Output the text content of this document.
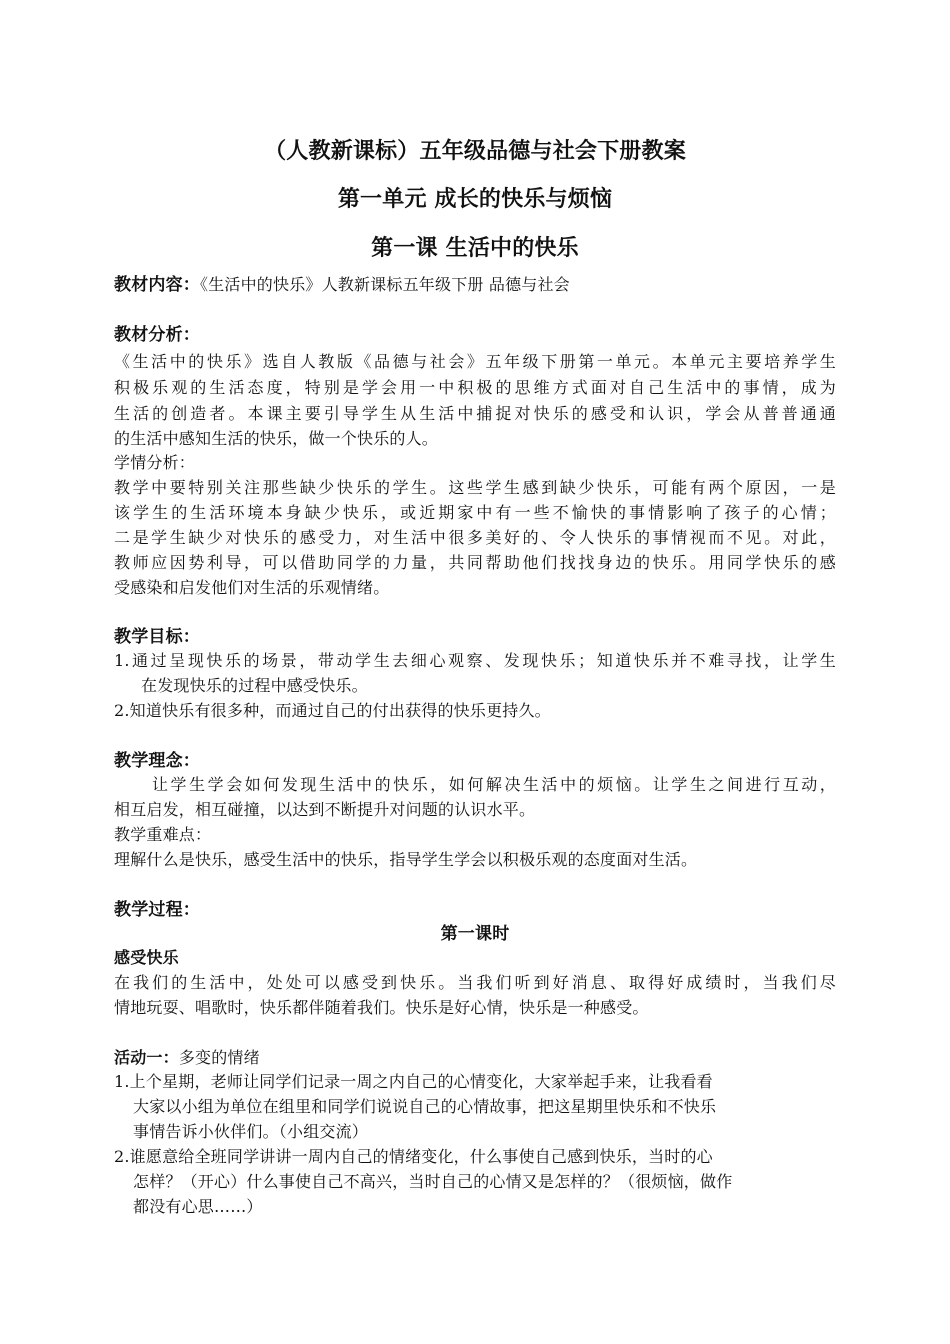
（人教新课标）五年级品德与社会下册教案
第一单元 成长的快乐与烦恼
第一课 生活中的快乐
教材内容：《生活中的快乐》人教新课标五年级下册 品德与社会
教材分析：
《生活中的快乐》选自人教版《品德与社会》五年级下册第一单元。本单元主要培养学生
积极乐观的生活态度，特别是学会用一中积极的思维方式面对自己生活中的事情，成为
生活的创造者。本课主要引导学生从生活中捕捉对快乐的感受和认识，学会从普普通通
的生活中感知生活的快乐，做一个快乐的人。
学情分析：
教学中要特别关注那些缺少快乐的学生。这些学生感到缺少快乐，可能有两个原因，一是
该学生的生活环境本身缺少快乐，或近期家中有一些不愉快的事情影响了孩子的心情；
二是学生缺少对快乐的感受力，对生活中很多美好的、令人快乐的事情视而不见。对此，
教师应因势利导，可以借助同学的力量，共同帮助他们找找身边的快乐。用同学快乐的感
受感染和启发他们对生活的乐观情绪。
教学目标：
1.通过呈现快乐的场景，带动学生去细心观察、发现快乐；知道快乐并不难寻找，让学生
在发现快乐的过程中感受快乐。
2.知道快乐有很多种，而通过自己的付出获得的快乐更持久。
教学理念：
让学生学会如何发现生活中的快乐，如何解决生活中的烦恼。让学生之间进行互动，
相互启发，相互碰撞，以达到不断提升对问题的认识水平。
教学重难点：
理解什么是快乐，感受生活中的快乐，指导学生学会以积极乐观的态度面对生活。
教学过程：
第一课时
感受快乐
在我们的生活中，处处可以感受到快乐。当我们听到好消息、取得好成绩时，当我们尽
情地玩耍、唱歌时，快乐都伴随着我们。快乐是好心情，快乐是一种感受。
活动一：多变的情绪
1.上个星期，老师让同学们记录一周之内自己的心情变化，大家举起手来，让我看看
大家以小组为单位在组里和同学们说说自己的心情故事，把这星期里快乐和不快乐
事情告诉小伙伴们。（小组交流）
2.谁愿意给全班同学讲讲一周内自己的情绪变化，什么事使自己感到快乐，当时的心
怎样？（开心）什么事使自己不高兴，当时自己的心情又是怎样的？（很烦恼，做作
都没有心思……）
